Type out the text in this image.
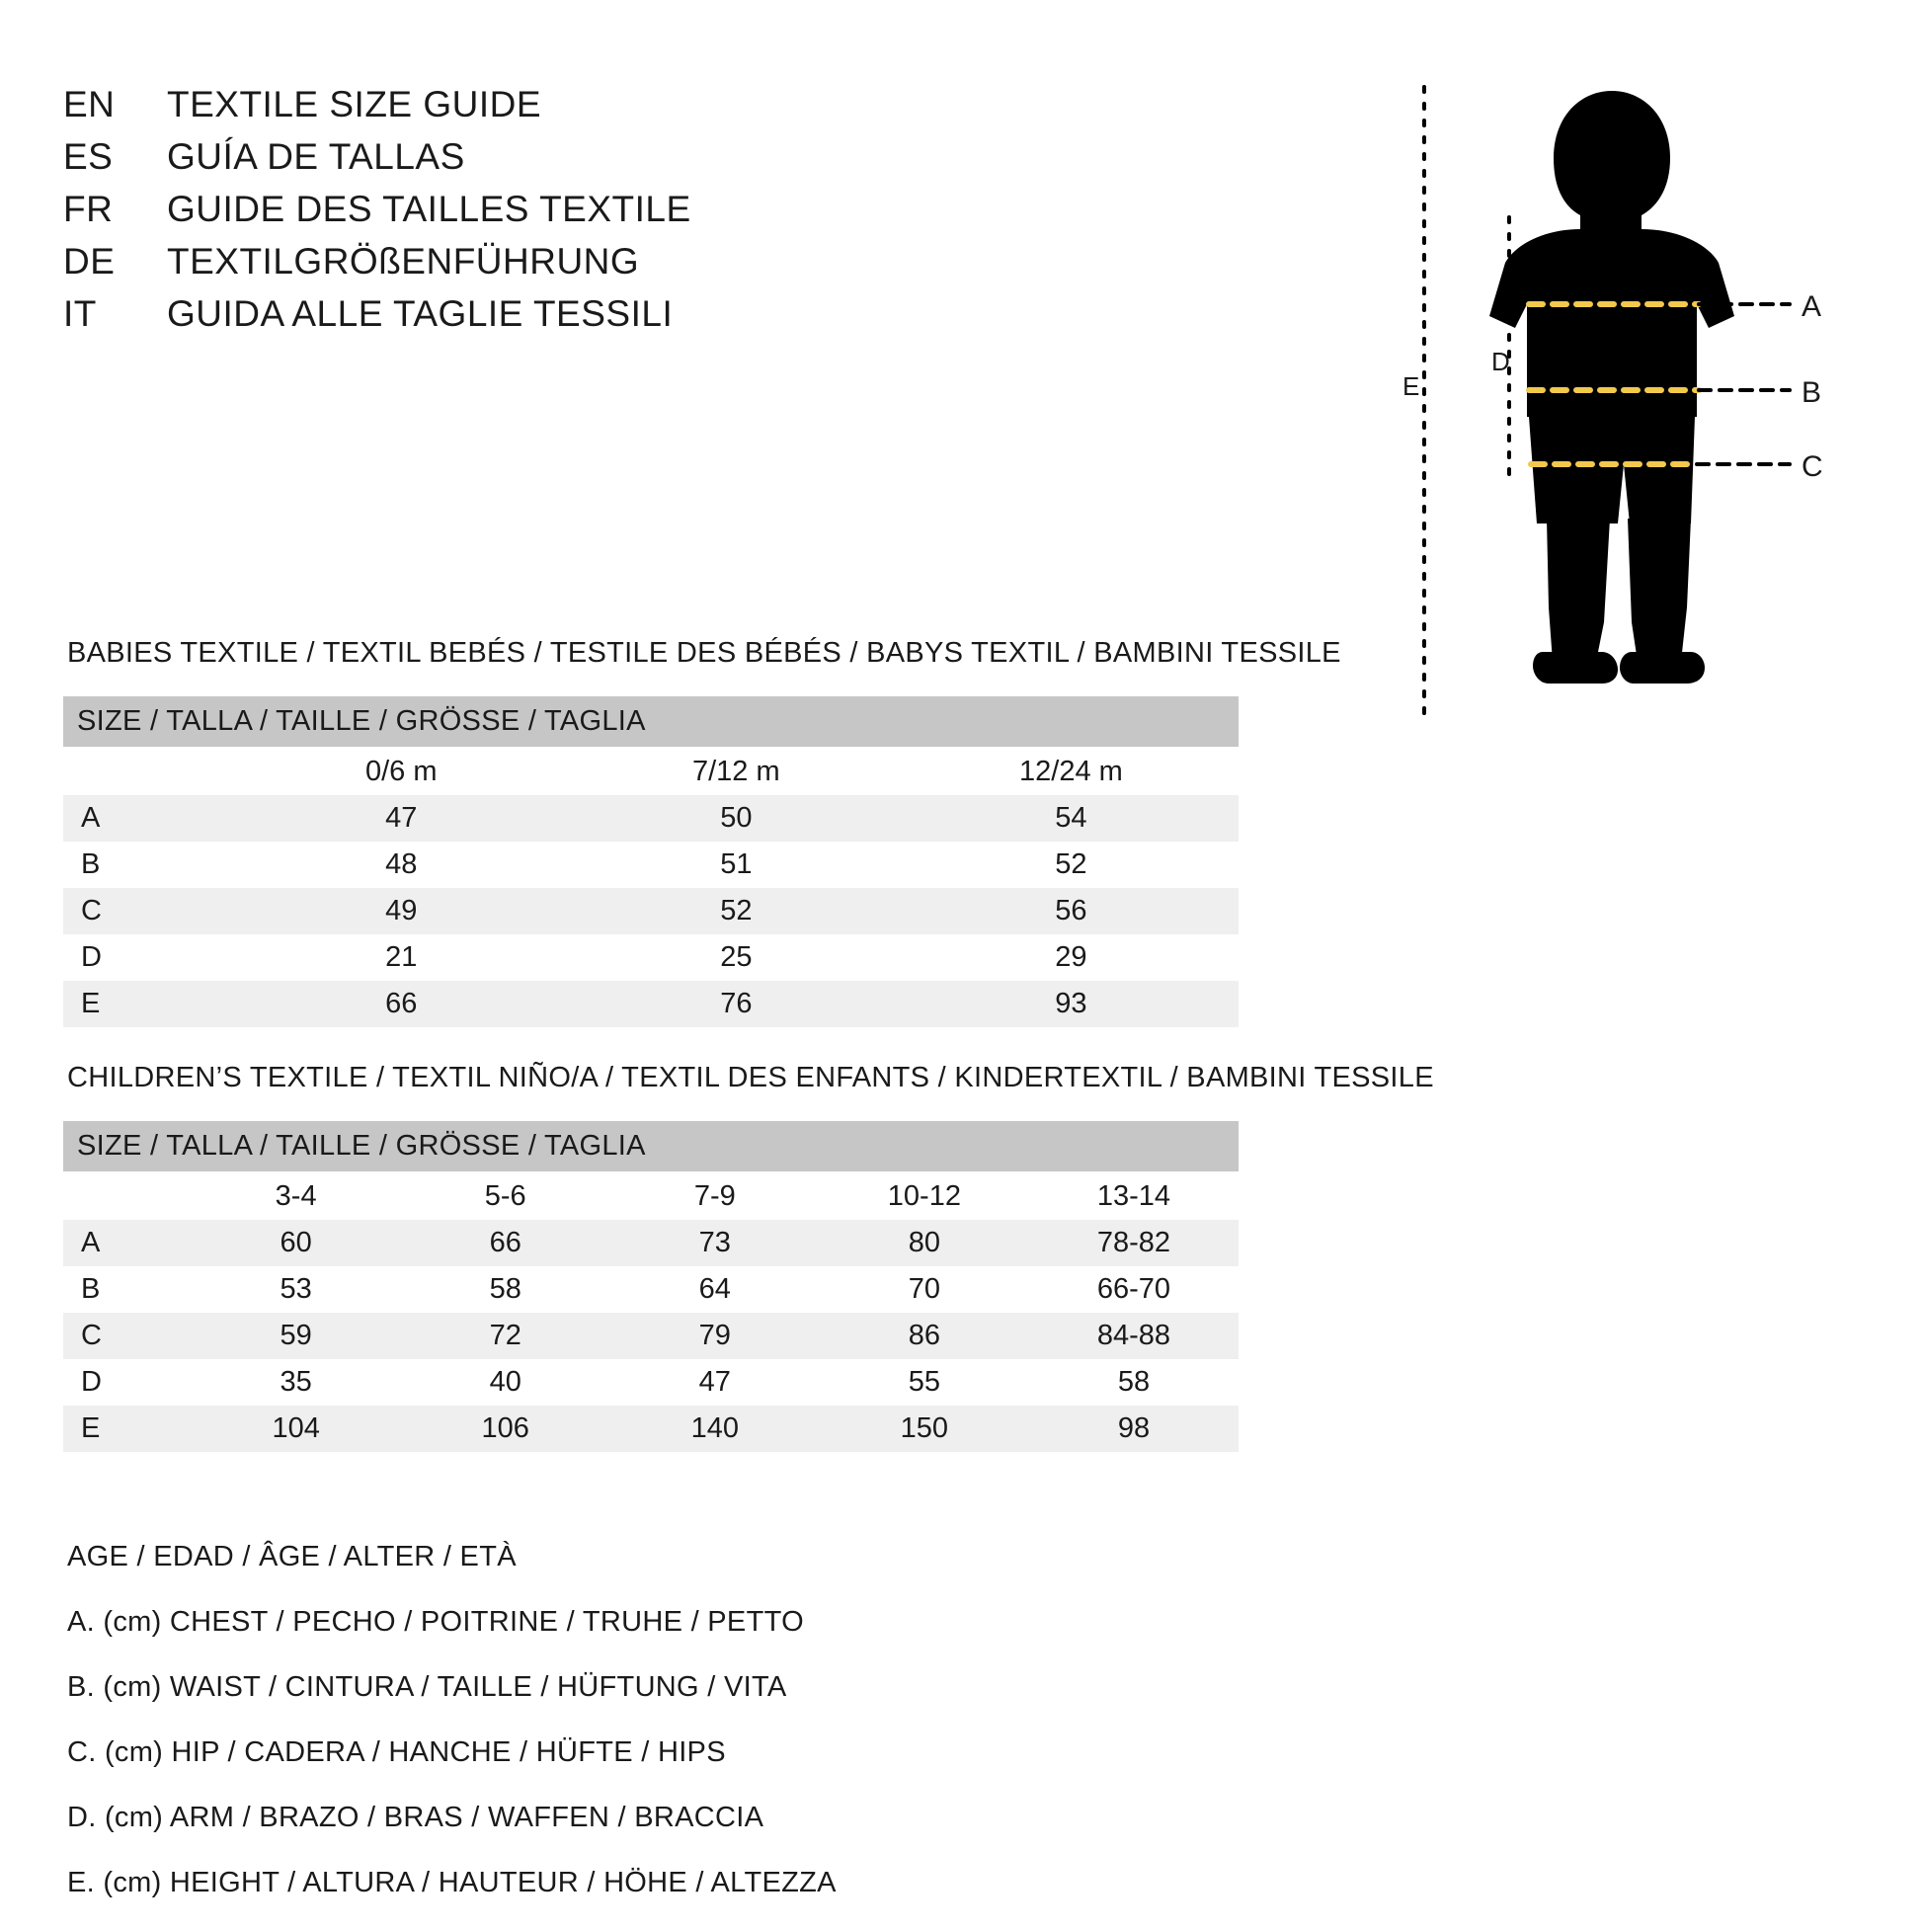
EN	TEXTILE SIZE GUIDE
ES	GUÍA DE TALLAS
FR	GUIDE DES TAILLES TEXTILE
DE	TEXTILGRÖßENFÜHRUNG
IT	GUIDA ALLE TAGLIE TESSILI	A
B
C
D
E
BABIES TEXTILE / TEXTIL BEBÉS / TESTILE DES BÉBÉS / BABYS TEXTIL / BAMBINI TESSILE
SIZE / TALLA / TAILLE / GRÖSSE / TAGLIA			
	0/6 m	7/12 m	12/24 m
A	47	50	54
B	48	51	52
C	49	52	56
D	21	25	29
E	66	76	93
CHILDREN’S TEXTILE / TEXTIL NIÑO/A / TEXTIL DES ENFANTS / KINDERTEXTIL / BAMBINI TESSILE
SIZE / TALLA / TAILLE / GRÖSSE / TAGLIA					
	3-4	5-6	7-9	10-12	13-14
A	60	66	73	80	78-82
B	53	58	64	70	66-70
C	59	72	79	86	84-88
D	35	40	47	55	58
E	104	106	140	150	98
AGE / EDAD / ÂGE / ALTER / ETÀ
A. (cm) CHEST / PECHO / POITRINE / TRUHE / PETTO
B. (cm) WAIST / CINTURA / TAILLE / HÜFTUNG / VITA
C. (cm) HIP / CADERA / HANCHE / HÜFTE / HIPS
D. (cm) ARM / BRAZO / BRAS / WAFFEN / BRACCIA
E. (cm) HEIGHT / ALTURA / HAUTEUR / HÖHE / ALTEZZA
